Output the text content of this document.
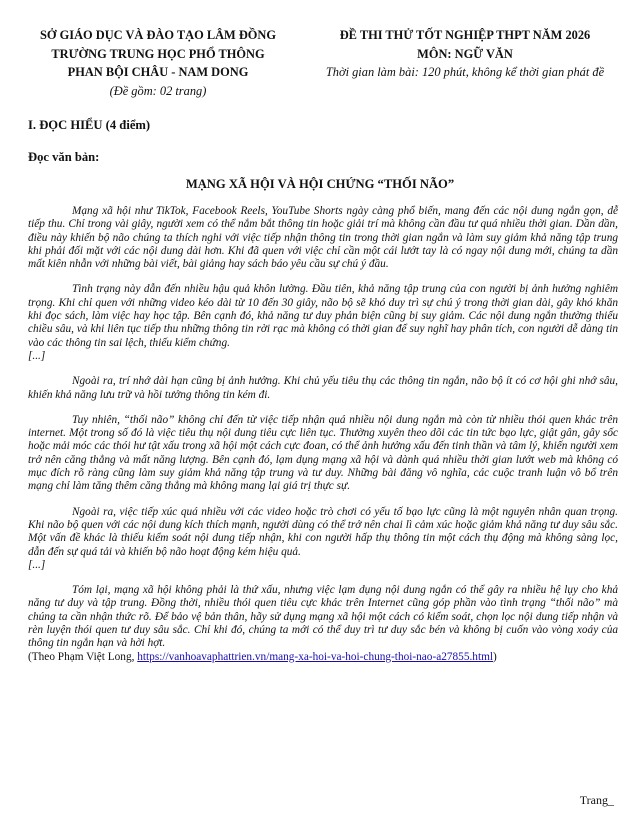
SỞ GIÁO DỤC VÀ ĐÀO TẠO LÂM ĐỒNG
TRƯỜNG TRUNG HỌC PHỔ THÔNG
PHAN BỘI CHÂU - NAM DONG
(Đề gồm: 02 trang)
ĐỀ THI THỬ TỐT NGHIỆP THPT NĂM 2026
MÔN: NGỮ VĂN
Thời gian làm bài: 120 phút, không kể thời gian phát đề
I. ĐỌC HIỂU (4 điểm)
Đọc văn bản:
MẠNG XÃ HỘI VÀ HỘI CHỨNG “THỐI NÃO”

Mạng xã hội như TikTok, Facebook Reels, YouTube Shorts ngày càng phổ biến, mang đến các nội dung ngắn gọn, dễ tiếp thu. Chỉ trong vài giây, người xem có thể nắm bắt thông tin hoặc giải trí mà không cần đầu tư quá nhiều thời gian. Dần dần, điều này khiến bộ não chúng ta thích nghi với việc tiếp nhận thông tin trong thời gian ngắn và làm suy giảm khả năng tập trung khi phải đối mặt với các nội dung dài hơn. Khi đã quen với việc chỉ cần một cái lướt tay là có ngay nội dung mới, chúng ta dần mất kiên nhẫn với những bài viết, bài giảng hay sách báo yêu cầu sự chú ý đầu.

Tình trạng này dẫn đến nhiều hậu quả khôn lường. Đầu tiên, khả năng tập trung của con người bị ảnh hưởng nghiêm trọng. Khi chỉ quen với những video kéo dài từ 10 đến 30 giây, não bộ sẽ khó duy trì sự chú ý trong thời gian dài, gây khó khăn khi đọc sách, làm việc hay học tập. Bên cạnh đó, khả năng tư duy phản biện cũng bị suy giảm. Các nội dung ngắn thường thiếu chiều sâu, và khi liên tục tiếp thu những thông tin rời rạc mà không có thời gian để suy nghĩ hay phân tích, con người dễ dàng tin vào các thông tin sai lệch, thiếu kiểm chứng.

[...]

Ngoài ra, trí nhớ dài hạn cũng bị ảnh hưởng. Khi chủ yếu tiêu thụ các thông tin ngắn, não bộ ít có cơ hội ghi nhớ sâu, khiến khả năng lưu trữ và hồi tưởng thông tin kém đi.

Tuy nhiên, “thối não” không chỉ đến từ việc tiếp nhận quá nhiều nội dung ngắn mà còn từ nhiều thói quen khác trên internet. Một trong số đó là việc tiêu thụ nội dung tiêu cực liên tục. Thường xuyên theo dõi các tin tức bạo lực, giật gân, gây sốc hoặc mải móc các thói hư tật xấu trong xã hội một cách cực đoan, có thể ảnh hưởng xấu đến tinh thần và tâm lý, khiến người xem trở nên căng thẳng và mất năng lượng. Bên cạnh đó, lạm dụng mạng xã hội và dành quá nhiều thời gian lướt web mà không có mục đích rõ ràng cũng làm suy giảm khả năng tập trung và tư duy. Những bài đăng vô nghĩa, các cuộc tranh luận vô bổ trên mạng chỉ làm tăng thêm căng thẳng mà không mang lại giá trị thực sự.

Ngoài ra, việc tiếp xúc quá nhiều với các video hoặc trò chơi có yếu tố bạo lực cũng là một nguyên nhân quan trọng. Khi não bộ quen với các nội dung kích thích mạnh, người dùng có thể trở nên chai lì cảm xúc hoặc giảm khả năng tư duy sâu sắc. Một vấn đề khác là thiếu kiểm soát nội dung tiếp nhận, khi con người hấp thụ thông tin một cách thụ động mà không sàng lọc, dẫn đến sự quá tải và khiến bộ não hoạt động kém hiệu quả.

[...]

Tóm lại, mạng xã hội không phải là thứ xấu, nhưng việc lạm dụng nội dung ngắn có thể gây ra nhiều hệ lụy cho khả năng tư duy và tập trung. Đồng thời, nhiều thói quen tiêu cực khác trên Internet cũng góp phần vào tình trạng “thối não” mà chúng ta cần nhận thức rõ. Để bảo vệ bản thân, hãy sử dụng mạng xã hội một cách có kiểm soát, chọn lọc nội dung tiếp nhận và rèn luyện thói quen tư duy sâu sắc. Chỉ khi đó, chúng ta mới có thể duy trì tư duy sắc bén và không bị cuốn vào vòng xoáy của thông tin ngắn hạn và hời hợt.

(Theo Phạm Việt Long, https://vanhoavaphattrien.vn/mang-xa-hoi-va-hoi-chung-thoi-nao-a27855.html)
Trang_
